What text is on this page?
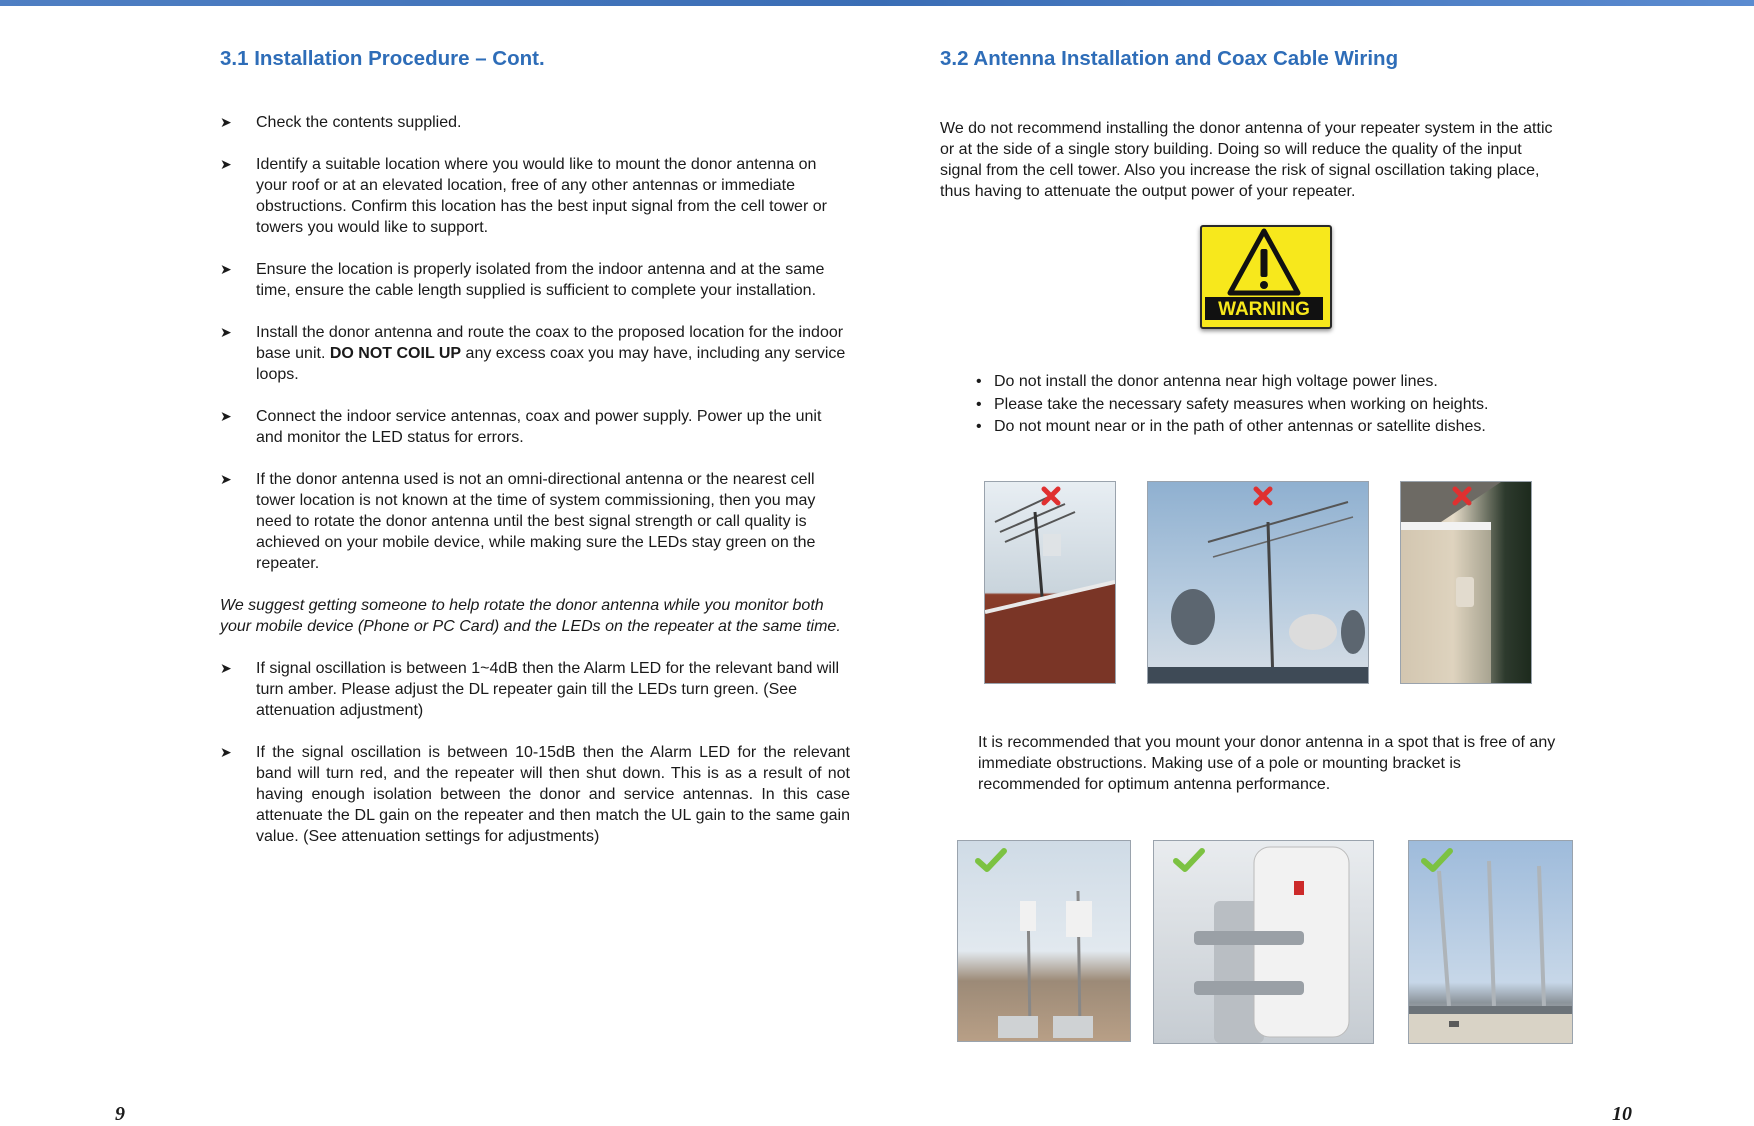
3.1 Installation Procedure – Cont.
➤ Check the contents supplied.
➤ Identify a suitable location where you would like to mount the donor antenna on your roof or at an elevated location, free of any other antennas or immediate obstructions. Confirm this location has the best input signal from the cell tower or towers you would like to support.
➤ Ensure the location is properly isolated from the indoor antenna and at the same time, ensure the cable length supplied is sufficient to complete your installation.
➤ Install the donor antenna and route the coax to the proposed location for the indoor base unit. DO NOT COIL UP any excess coax you may have, including any service loops.
➤ Connect the indoor service antennas, coax and power supply. Power up the unit and monitor the LED status for errors.
➤ If the donor antenna used is not an omni-directional antenna or the nearest cell tower location is not known at the time of system commissioning, then you may need to rotate the donor antenna until the best signal strength or call quality is achieved on your mobile device, while making sure the LEDs stay green on the repeater.
We suggest getting someone to help rotate the donor antenna while you monitor both your mobile device (Phone or PC Card) and the LEDs on the repeater at the same time.
➤ If signal oscillation is between 1~4dB then the Alarm LED for the relevant band will turn amber. Please adjust the DL repeater gain till the LEDs turn green. (See attenuation adjustment)
➤ If the signal oscillation is between 10-15dB then the Alarm LED for the relevant band will turn red, and the repeater will then shut down. This is as a result of not having enough isolation between the donor and service antennas. In this case attenuate the DL gain on the repeater and then match the UL gain to the same gain value. (See attenuation settings for adjustments)
9
3.2 Antenna Installation and Coax Cable Wiring
We do not recommend installing the donor antenna of your repeater system in the attic or at the side of a single story building. Doing so will reduce the quality of the input signal from the cell tower. Also you increase the risk of signal oscillation taking place, thus having to attenuate the output power of your repeater.
WARNING
• Do not install the donor antenna near high voltage power lines.
• Please take the necessary safety measures when working on heights.
• Do not mount near or in the path of other antennas or satellite dishes.
It is recommended that you mount your donor antenna in a spot that is free of any immediate obstructions. Making use of a pole or mounting bracket is recommended for optimum antenna performance.
10
